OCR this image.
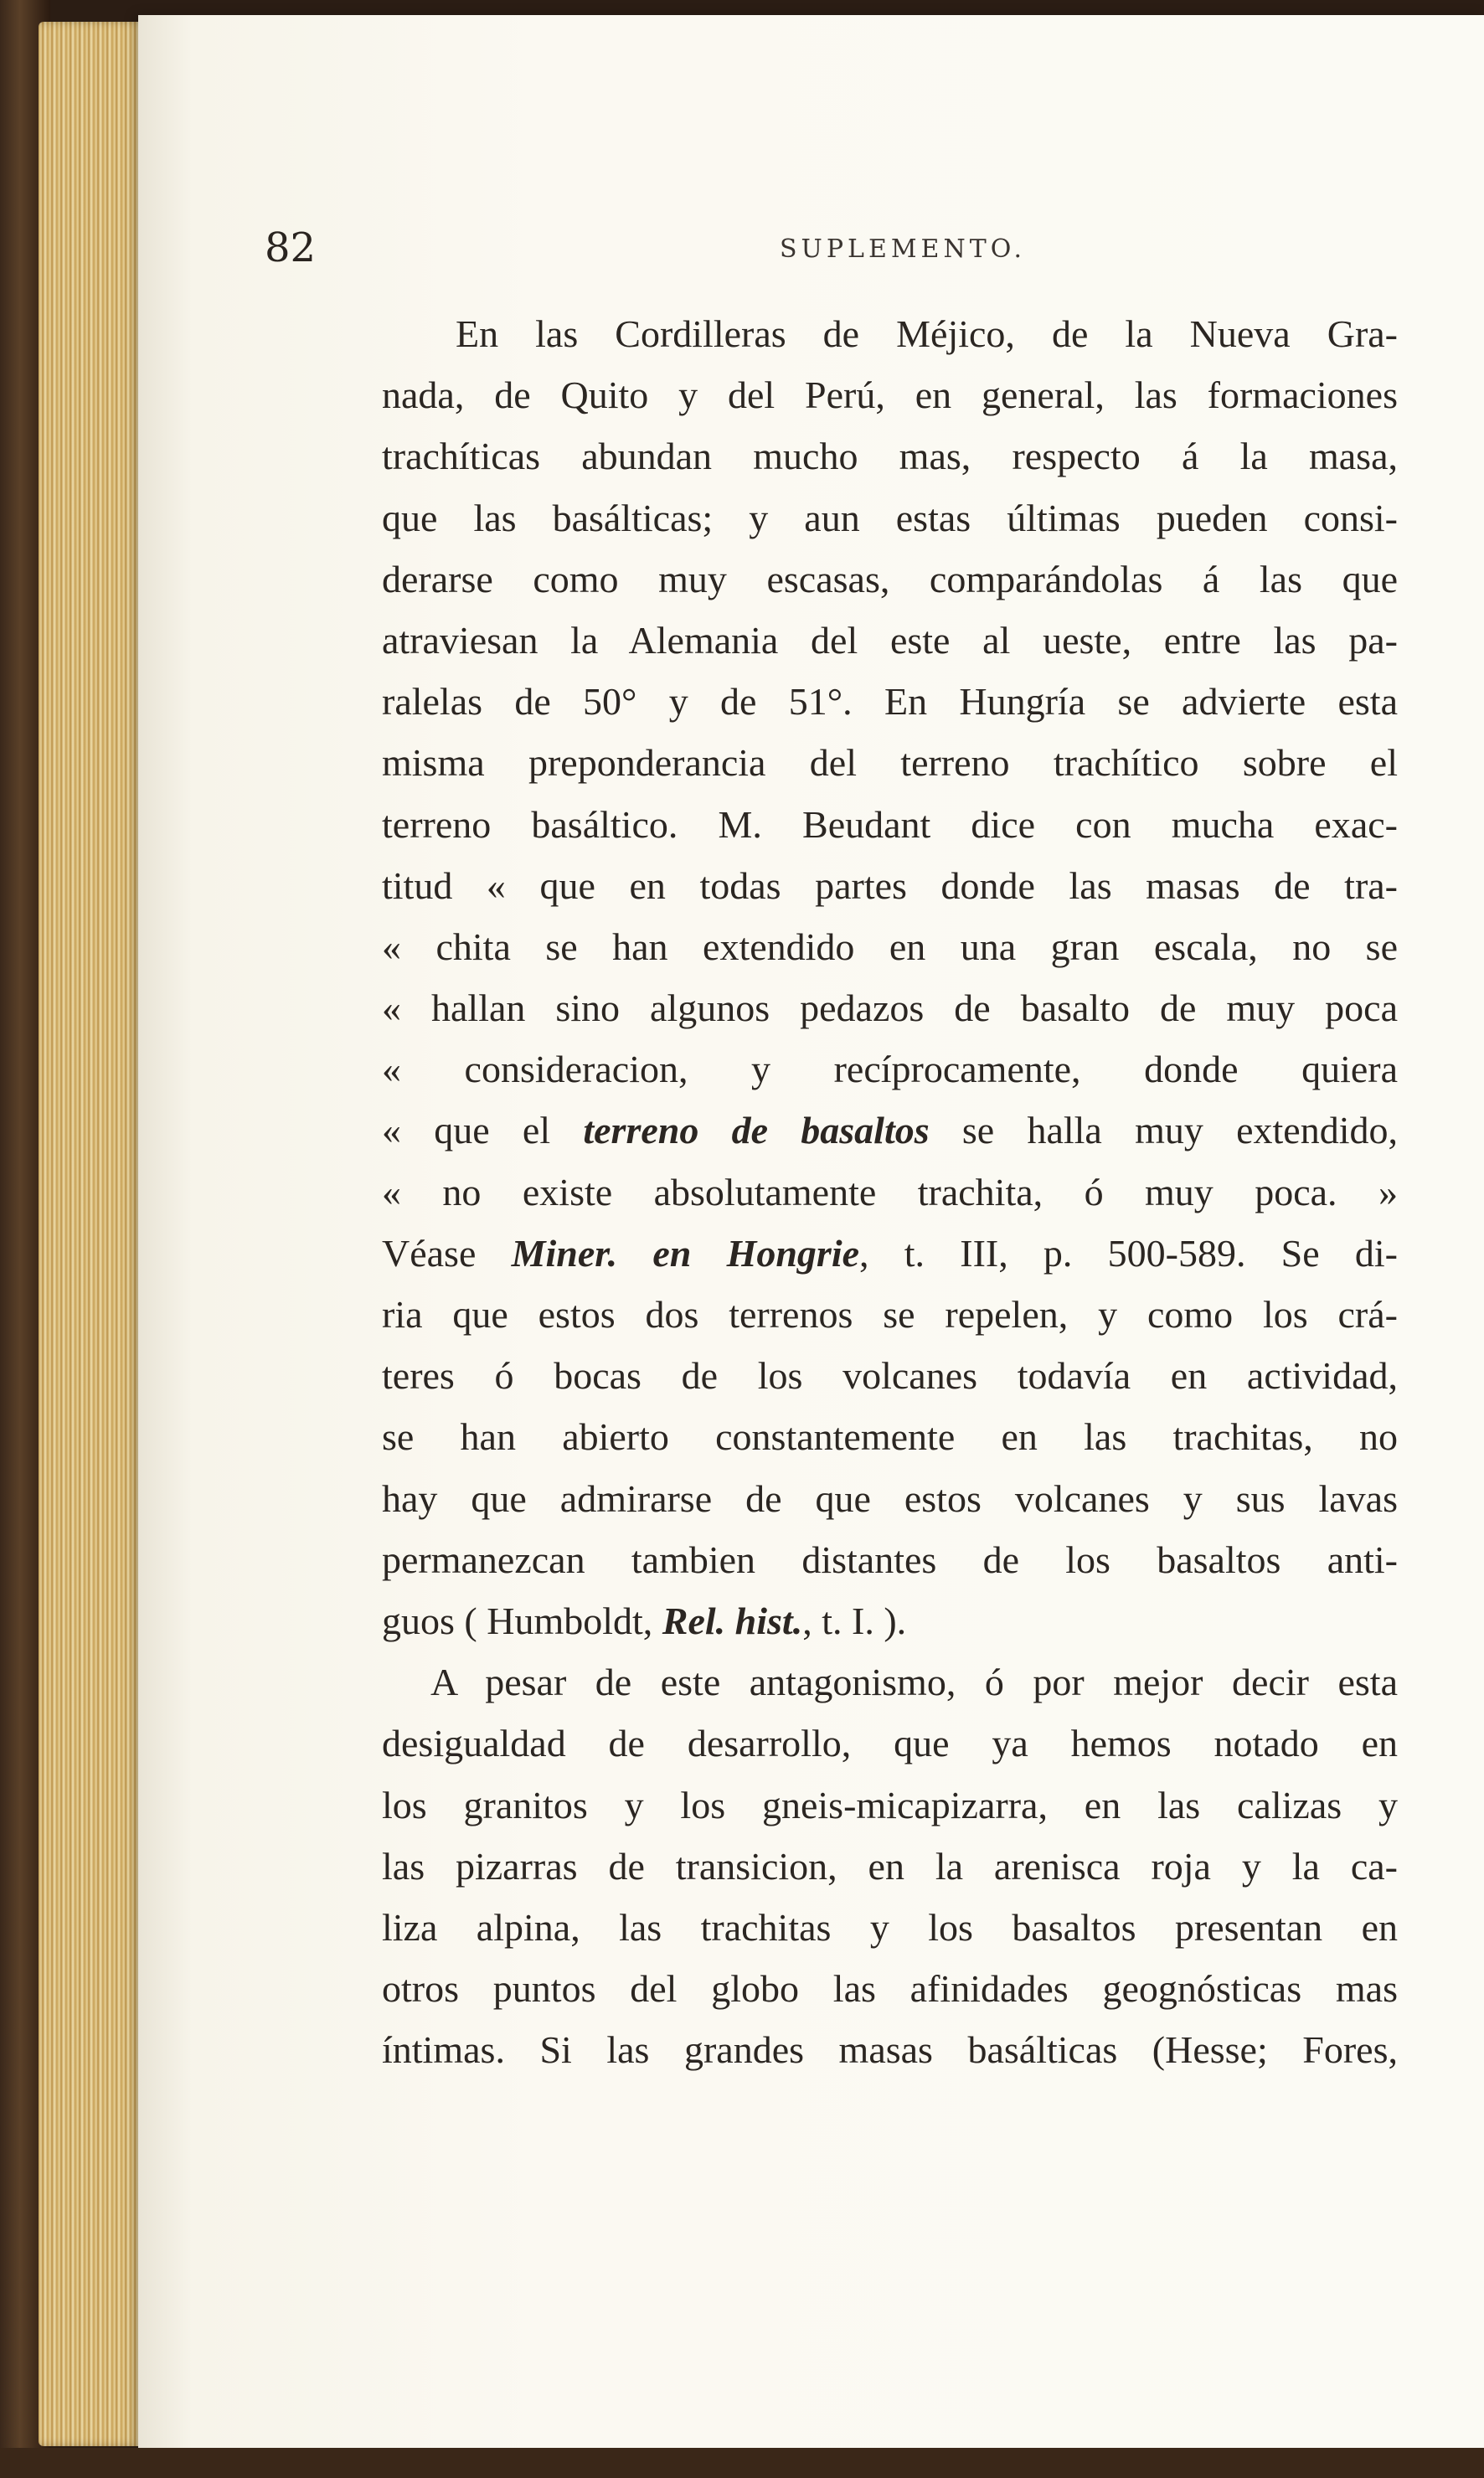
82	SUPLEMENTO.
En las Cordilleras de Méjico, de la Nueva Gra-
nada, de Quito y del Perú, en general, las formaciones
trachíticas abundan mucho mas, respecto á la masa,
que las basálticas; y aun estas últimas pueden consi-
derarse como muy escasas, comparándolas á las que
atraviesan la Alemania del este al ueste, entre las pa-
ralelas de 50° y de 51°. En Hungría se advierte esta
misma preponderancia del terreno trachítico sobre el
terreno basáltico. M. Beudant dice con mucha exac-
titud « que en todas partes donde las masas de tra-
« chita se han extendido en una gran escala, no se
« hallan sino algunos pedazos de basalto de muy poca
« consideracion, y recíprocamente, donde quiera
« que el terreno de basaltos se halla muy extendido,
« no existe absolutamente trachita, ó muy poca. »
Véase Miner. en Hongrie, t. III, p. 500-589. Se di-
ria que estos dos terrenos se repelen, y como los crá-
teres ó bocas de los volcanes todavía en actividad,
se han abierto constantemente en las trachitas, no
hay que admirarse de que estos volcanes y sus lavas
permanezcan tambien distantes de los basaltos anti-
guos ( Humboldt, Rel. hist., t. I. ).
A pesar de este antagonismo, ó por mejor decir esta
desigualdad de desarrollo, que ya hemos notado en
los granitos y los gneis-micapizarra, en las calizas y
las pizarras de transicion, en la arenisca roja y la ca-
liza alpina, las trachitas y los basaltos presentan en
otros puntos del globo las afinidades geognósticas mas
íntimas. Si las grandes masas basálticas (Hesse; Fores,
